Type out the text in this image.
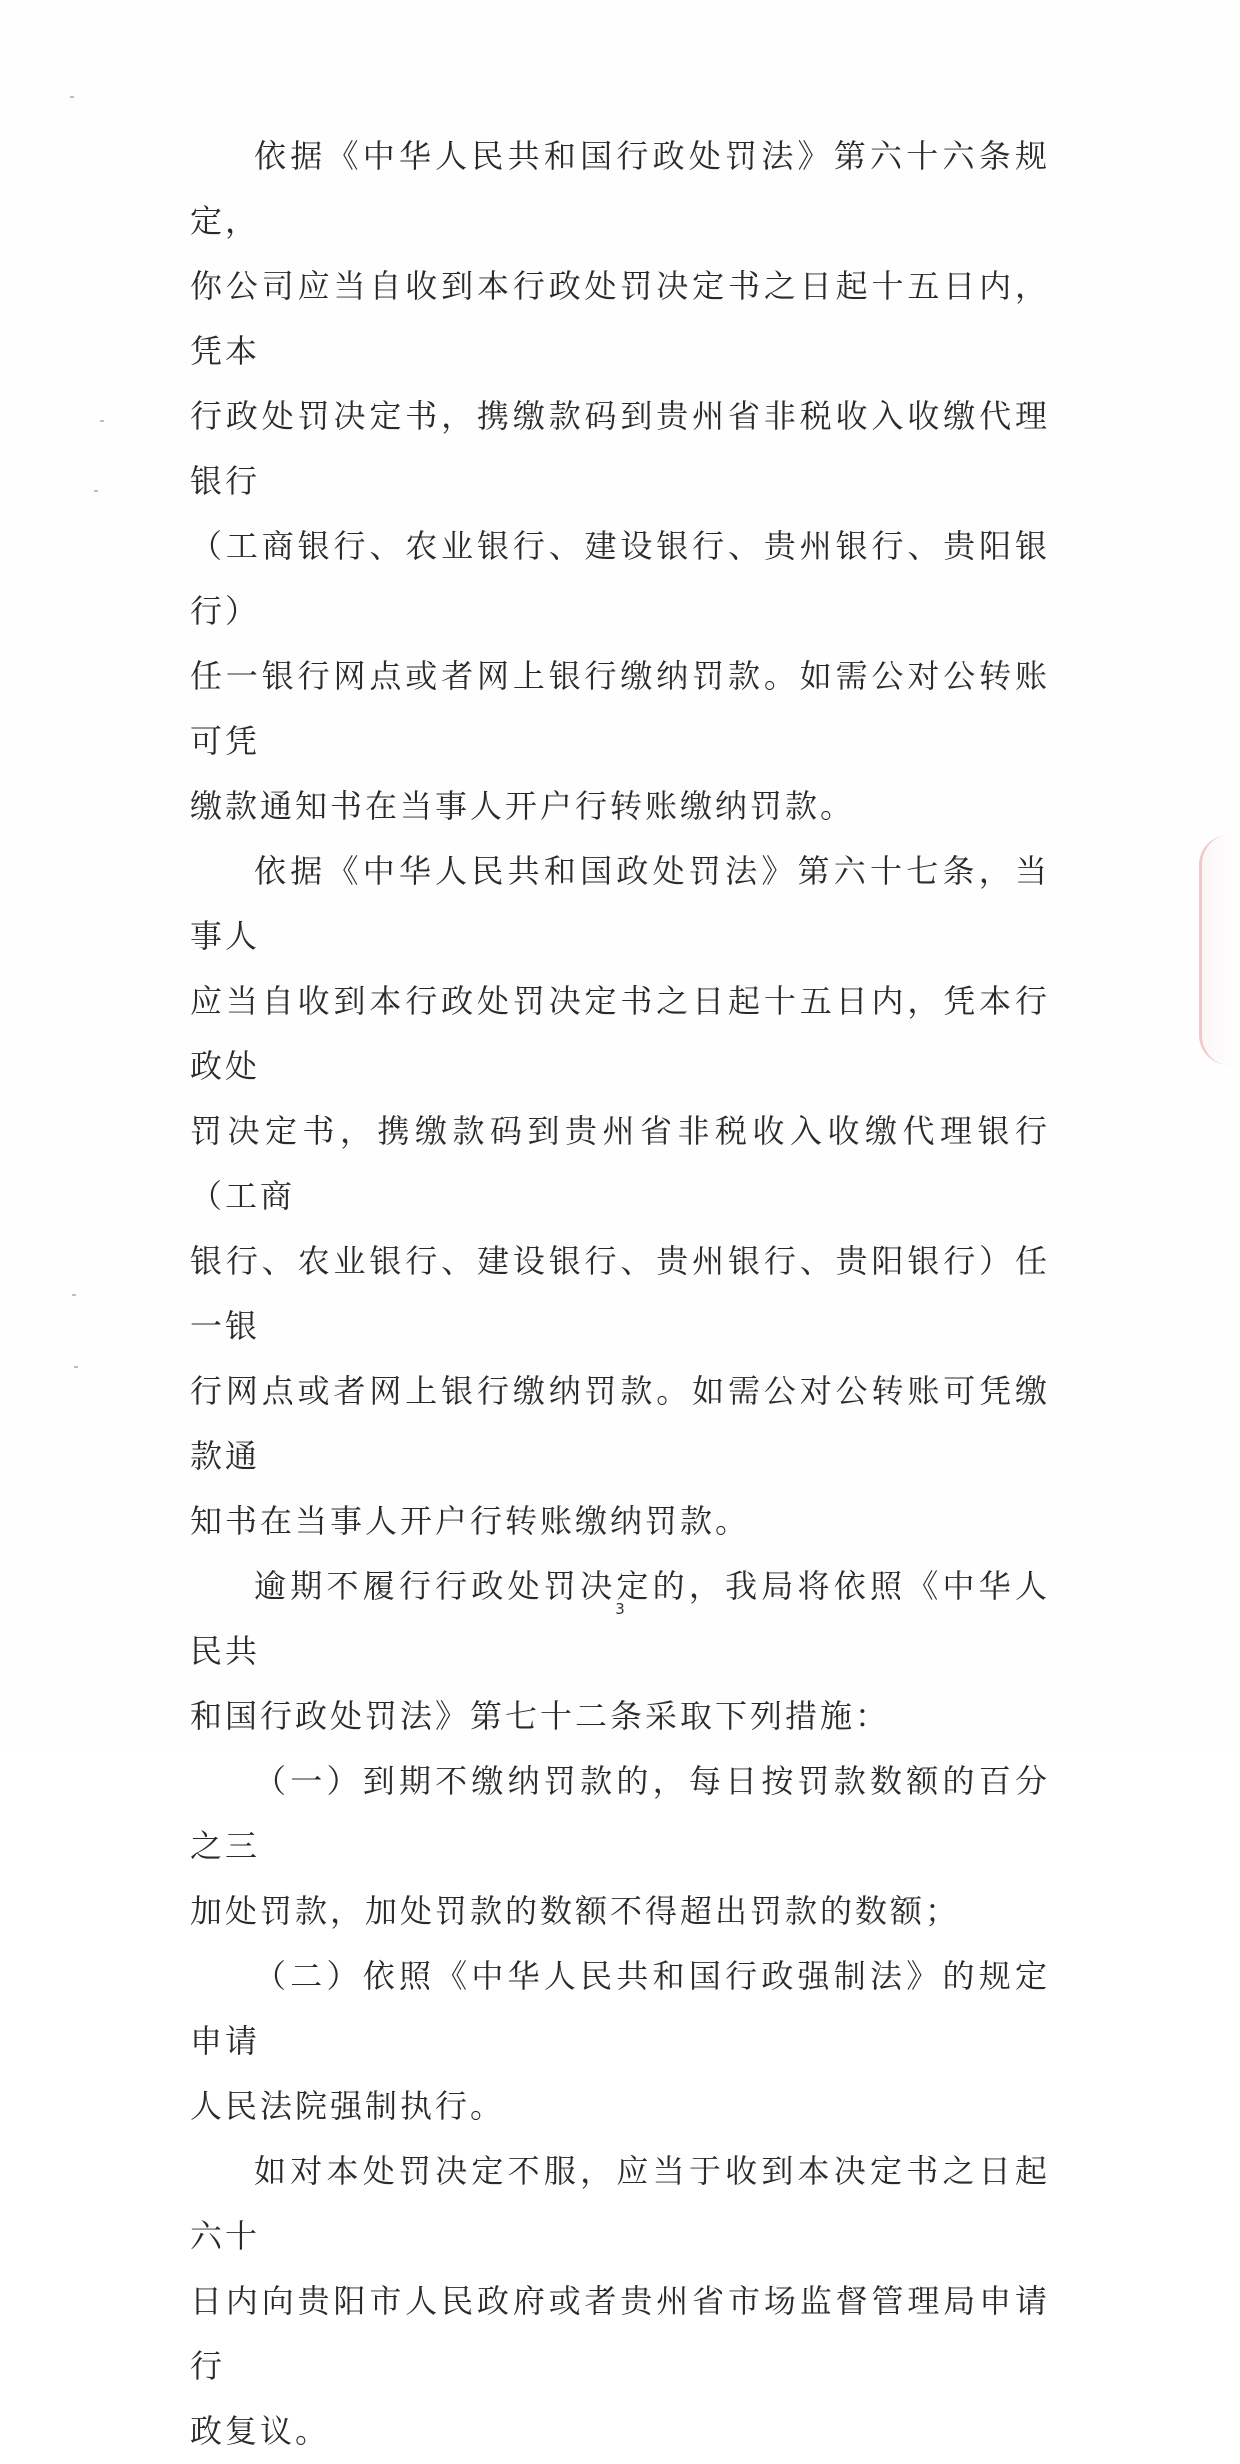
依据《中华人民共和国行政处罚法》第六十六条规定，
你公司应当自收到本行政处罚决定书之日起十五日内，凭本
行政处罚决定书，携缴款码到贵州省非税收入收缴代理银行
（工商银行、农业银行、建设银行、贵州银行、贵阳银行）
任一银行网点或者网上银行缴纳罚款。如需公对公转账可凭
缴款通知书在当事人开户行转账缴纳罚款。

依据《中华人民共和国政处罚法》第六十七条，当事人
应当自收到本行政处罚决定书之日起十五日内，凭本行政处
罚决定书，携缴款码到贵州省非税收入收缴代理银行（工商
银行、农业银行、建设银行、贵州银行、贵阳银行）任一银
行网点或者网上银行缴纳罚款。如需公对公转账可凭缴款通
知书在当事人开户行转账缴纳罚款。

逾期不履行行政处罚决定的，我局将依照《中华人民共
和国行政处罚法》第七十二条采取下列措施：

（一）到期不缴纳罚款的，每日按罚款数额的百分之三
加处罚款，加处罚款的数额不得超出罚款的数额；

（二）依照《中华人民共和国行政强制法》的规定申请
人民法院强制执行。

如对本处罚决定不服，应当于收到本决定书之日起六十
日内向贵阳市人民政府或者贵州省市场监督管理局申请行
政复议。

3
